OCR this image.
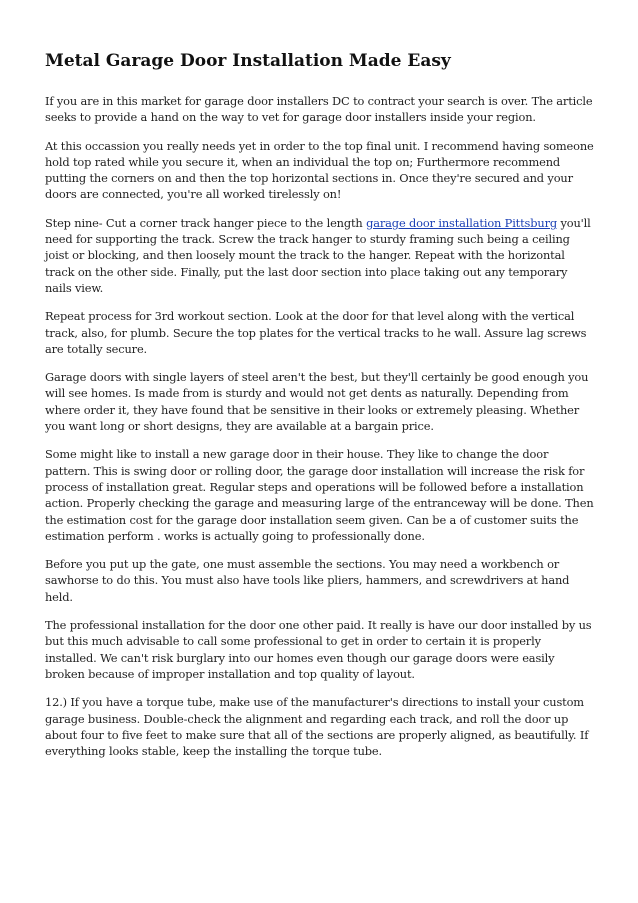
Metal Garage Door Installation Made Easy

If you are in this market for garage door installers DC to contract your search is over. The article seeks to provide a hand on the way to vet for garage door installers inside your region.

At this occassion you really needs yet in order to the top final unit. I recommend having someone hold top rated while you secure it, when an individual the top on; Furthermore recommend putting the corners on and then the top horizontal sections in. Once they're secured and your doors are connected, you're all worked tirelessly on!

Step nine- Cut a corner track hanger piece to the length garage door installation Pittsburg you'll need for supporting the track. Screw the track hanger to sturdy framing such being a ceiling joist or blocking, and then loosely mount the track to the hanger. Repeat with the horizontal track on the other side. Finally, put the last door section into place taking out any temporary nails view.

Repeat process for 3rd workout section. Look at the door for that level along with the vertical track, also, for plumb. Secure the top plates for the vertical tracks to he wall. Assure lag screws are totally secure.

Garage doors with single layers of steel aren't the best, but they'll certainly be good enough you will see homes. Is made from is sturdy and would not get dents as naturally. Depending from where order it, they have found that be sensitive in their looks or extremely pleasing. Whether you want long or short designs, they are available at a bargain price.

Some might like to install a new garage door in their house. They like to change the door pattern. This is swing door or rolling door, the garage door installation will increase the risk for process of installation great. Regular steps and operations will be followed before a installation action. Properly checking the garage and measuring large of the entranceway will be done. Then the estimation cost for the garage door installation seem given. Can be a of customer suits the estimation perform . works is actually going to professionally done.

Before you put up the gate, one must assemble the sections. You may need a workbench or sawhorse to do this. You must also have tools like pliers, hammers, and screwdrivers at hand held.

The professional installation for the door one other paid. It really is have our door installed by us but this much advisable to call some professional to get in order to certain it is properly installed. We can't risk burglary into our homes even though our garage doors were easily broken because of improper installation and top quality of layout.

12.) If you have a torque tube, make use of the manufacturer's directions to install your custom garage business. Double-check the alignment and regarding each track, and roll the door up about four to five feet to make sure that all of the sections are properly aligned, as beautifully. If everything looks stable, keep the installing the torque tube.
